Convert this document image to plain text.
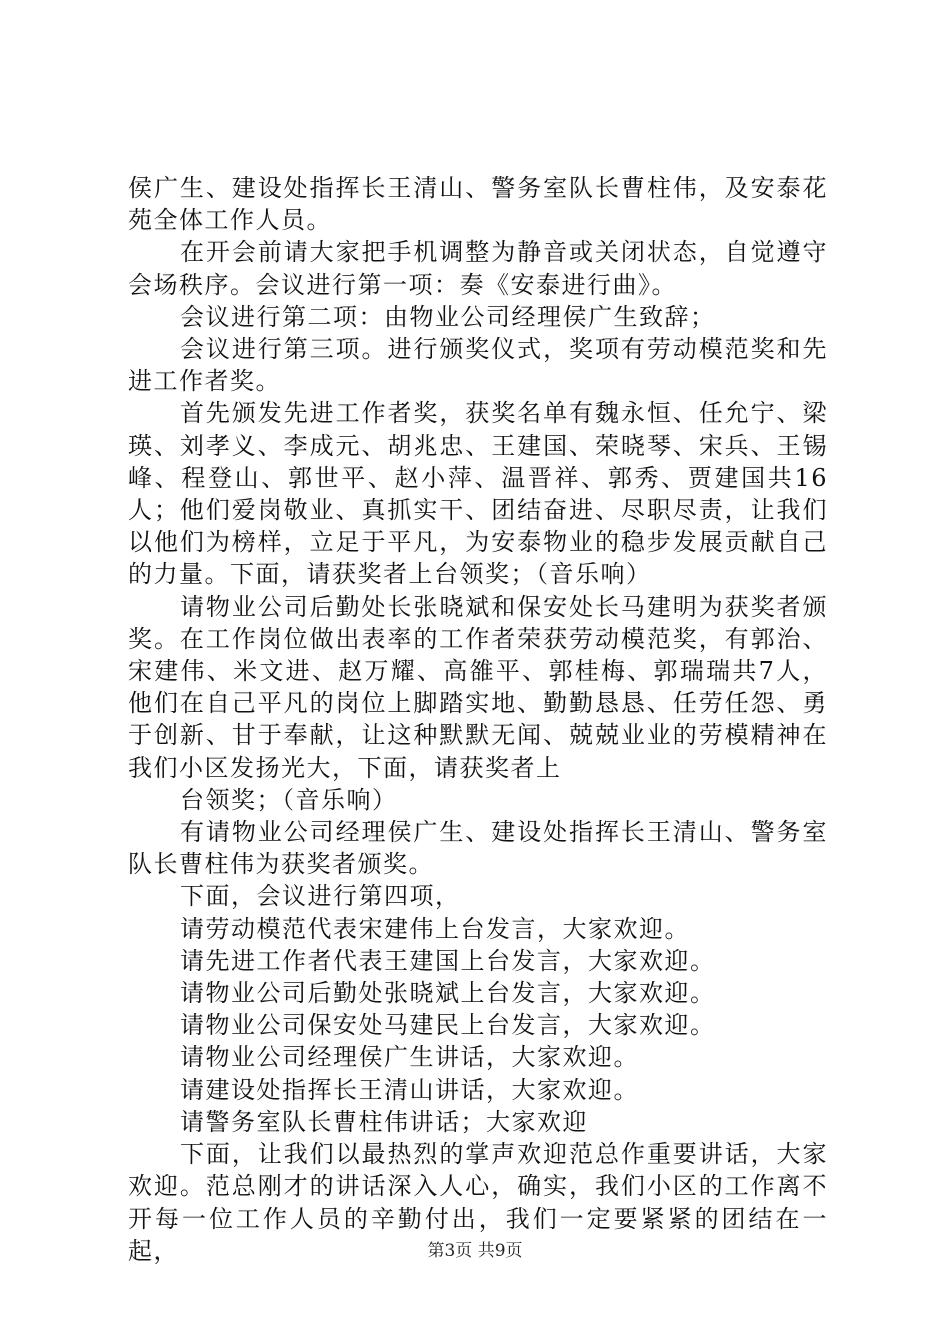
侯广生、建设处指挥长王清山、警务室队长曹柱伟，及安泰花苑全体工作人员。

在开会前请大家把手机调整为静音或关闭状态，自觉遵守会场秩序。会议进行第一项：奏《安泰进行曲》。

会议进行第二项：由物业公司经理侯广生致辞；

会议进行第三项。进行颁奖仪式，奖项有劳动模范奖和先进工作者奖。

首先颁发先进工作者奖，获奖名单有魏永恒、任允宁、梁瑛、刘孝义、李成元、胡兆忠、王建国、荣晓琴、宋兵、王锡峰、程登山、郭世平、赵小萍、温晋祥、郭秀、贾建国共16人；他们爱岗敬业、真抓实干、团结奋进、尽职尽责，让我们以他们为榜样，立足于平凡，为安泰物业的稳步发展贡献自己的力量。下面，请获奖者上台领奖；（音乐响）

请物业公司后勤处长张晓斌和保安处长马建明为获奖者颁奖。在工作岗位做出表率的工作者荣获劳动模范奖，有郭治、宋建伟、米文进、赵万耀、高雒平、郭桂梅、郭瑞瑞共7人，他们在自己平凡的岗位上脚踏实地、勤勤恳恳、任劳任怨、勇于创新、甘于奉献，让这种默默无闻、兢兢业业的劳模精神在我们小区发扬光大，下面，请获奖者上

台领奖；（音乐响）

有请物业公司经理侯广生、建设处指挥长王清山、警务室队长曹柱伟为获奖者颁奖。

下面，会议进行第四项，

请劳动模范代表宋建伟上台发言，大家欢迎。

请先进工作者代表王建国上台发言，大家欢迎。

请物业公司后勤处张晓斌上台发言，大家欢迎。

请物业公司保安处马建民上台发言，大家欢迎。

请物业公司经理侯广生讲话，大家欢迎。

请建设处指挥长王清山讲话，大家欢迎。

请警务室队长曹柱伟讲话；大家欢迎

下面，让我们以最热烈的掌声欢迎范总作重要讲话，大家欢迎。范总刚才的讲话深入人心，确实，我们小区的工作离不开每一位工作人员的辛勤付出，我们一定要紧紧的团结在一起，	第3页 共9页
